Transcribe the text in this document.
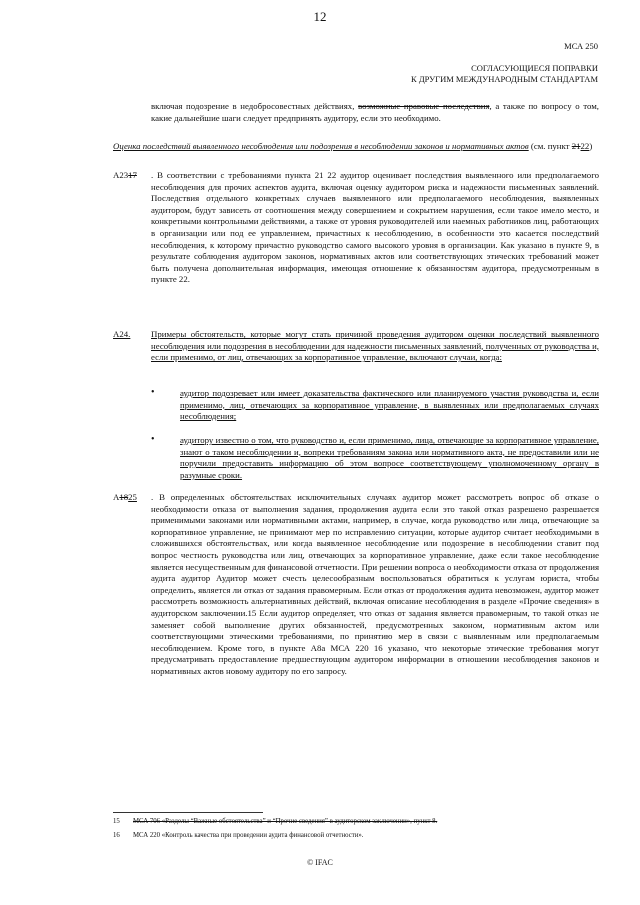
12
МСА 250
СОГЛАСУЮЩИЕСЯ ПОПРАВКИ
К ДРУГИМ МЕЖДУНАРОДНЫМ СТАНДАРТАМ
включая подозрение в недобросовестных действиях, возможные правовые последствия, а также по вопросу о том, какие дальнейшие шаги следует предпринять аудитору, если это необходимо.
Оценка последствий выявленного несоблюдения или подозрения в несоблюдении законов и нормативных актов (см. пункт 2122)
A2317 . В соответствии с требованиями пункта 21 22 аудитор оценивает последствия выявленного или предполагаемого несоблюдения для прочих аспектов аудита, включая оценку аудитором риска и надежности письменных заявлений. Последствия отдельного конкретных случаев выявленного или предполагаемого несоблюдения, выявленных аудитором, будут зависеть от соотношения между совершением и сокрытием нарушения, если такое имело место, и конкретными контрольными действиями, а также от уровня руководителей или наемных работников лиц, работающих в организации или под ее управлением, причастных к несоблюдению, в особенности это касается последствий несоблюдения, к которому причастно руководство самого высокого уровня в организации. Как указано в пункте 9, в результате соблюдения аудитором законов, нормативных актов или соответствующих этических требований может быть получена дополнительная информация, имеющая отношение к обязанностям аудитора, предусмотренным в пункте 22.
A24. Примеры обстоятельств, которые могут стать причиной проведения аудитором оценки последствий выявленного несоблюдения или подозрения в несоблюдении для надежности письменных заявлений, полученных от руководства и, если применимо, от лиц, отвечающих за корпоративное управление, включают случаи, когда:
•	аудитор подозревает или имеет доказательства фактического или планируемого участия руководства и, если применимо, лиц, отвечающих за корпоративное управление, в выявленных или предполагаемых случаях несоблюдения;
•	аудитору известно о том, что руководство и, если применимо, лица, отвечающие за корпоративное управление, знают о таком несоблюдении и, вопреки требованиям закона или нормативного акта, не предоставили или не поручили предоставить информацию об этом вопросе соответствующему уполномоченному органу в разумные сроки.
A1825 . В определенных обстоятельствах исключительных случаях аудитор может рассмотреть вопрос об отказе о необходимости отказа от выполнения задания, продолжения аудита если это такой отказ разрешено разрешается применимыми законами или нормативными актами, например, в случае, когда руководство или лица, отвечающие за корпоративное управление, не принимают мер по исправлению ситуации, которые аудитор считает необходимыми в сложившихся обстоятельствах, или когда выявленное несоблюдение или подозрение в несоблюдении ставит под вопрос честность руководства или лиц, отвечающих за корпоративное управление, даже если такое несоблюдение является несущественным для финансовой отчетности. При решении вопроса о необходимости отказа от продолжения аудита аудитор Аудитор может счесть целесообразным воспользоваться обратиться к услугам юриста, чтобы определить, является ли отказ от задания правомерным. Если отказ от продолжения аудита невозможен, аудитор может рассмотреть возможность альтернативных действий, включая описание несоблюдения в разделе «Прочие сведения» в аудиторском заключении.15 Если аудитор определяет, что отказ от задания является правомерным, то такой отказ не заменяет собой выполнение других обязанностей, предусмотренных законом, нормативным актом или соответствующими этическими требованиями, по принятию мер в связи с выявленным или предполагаемым несоблюдением. Кроме того, в пункте A8a МСА 220 16 указано, что некоторые этические требования могут предусматривать предоставление предшествующим аудитором информации в отношении несоблюдения законов и нормативных актов новому аудитору по его запросу.
15 МСА 706 «Разделы “Важные обстоятельства” и “Прочие сведения” в аудиторском заключении», пункт 8.
16 МСА 220 «Контроль качества при проведении аудита финансовой отчетности».
© IFAC
